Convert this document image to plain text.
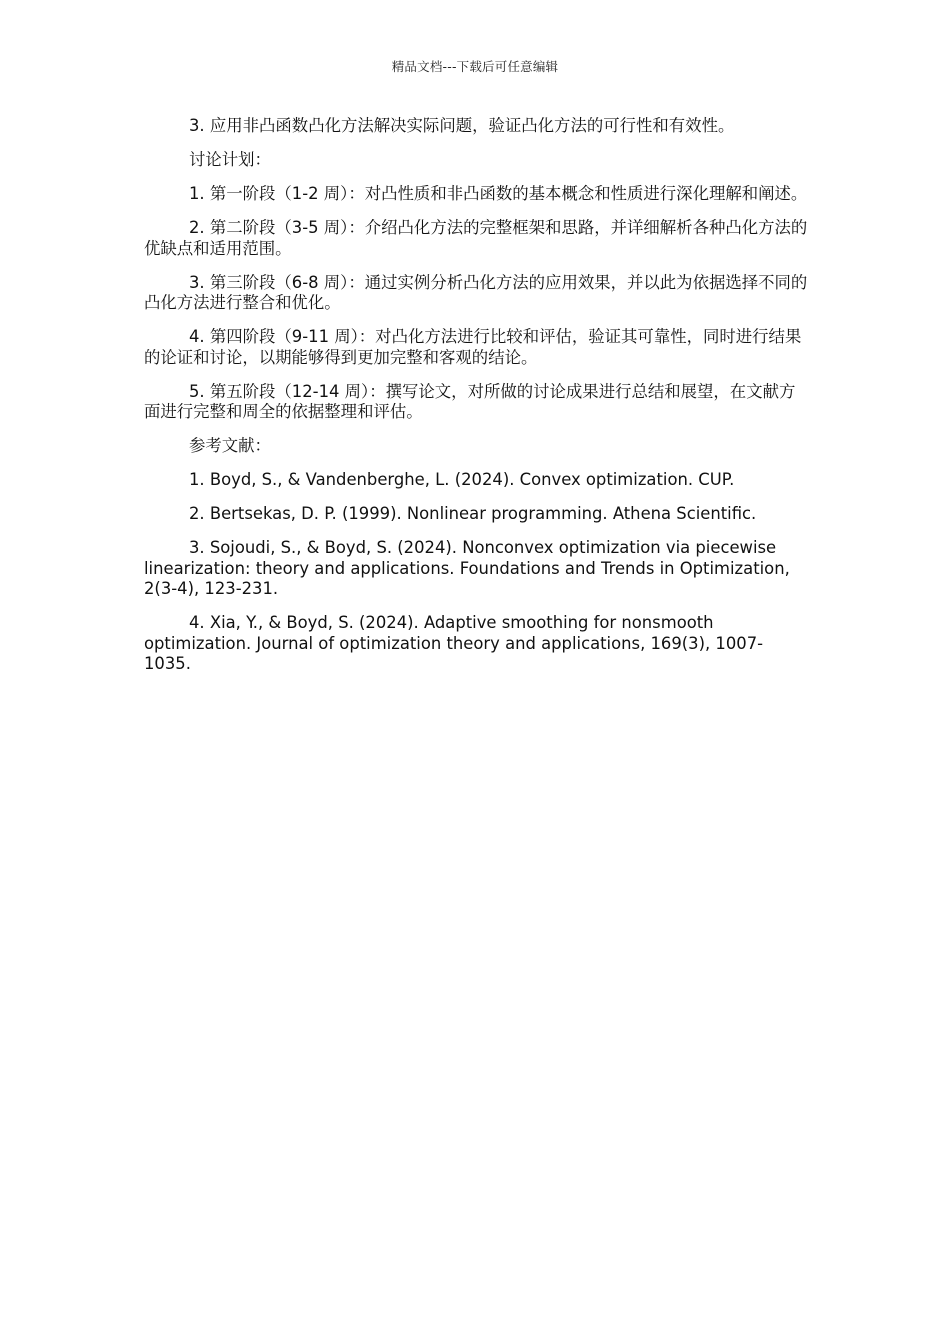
精品文档---下载后可任意编辑

3. 应用非凸函数凸化方法解决实际问题，验证凸化方法的可行性和有效性。

讨论计划：

1. 第一阶段（1-2 周）：对凸性质和非凸函数的基本概念和性质进行深化理解和阐述。

2. 第二阶段（3-5 周）：介绍凸化方法的完整框架和思路，并详细解析各种凸化方法的优缺点和适用范围。

3. 第三阶段（6-8 周）：通过实例分析凸化方法的应用效果，并以此为依据选择不同的凸化方法进行整合和优化。

4. 第四阶段（9-11 周）：对凸化方法进行比较和评估，验证其可靠性，同时进行结果的论证和讨论，以期能够得到更加完整和客观的结论。

5. 第五阶段（12-14 周）：撰写论文，对所做的讨论成果进行总结和展望，在文献方面进行完整和周全的依据整理和评估。

参考文献：

1. Boyd, S., & Vandenberghe, L. (2024). Convex optimization. CUP.

2. Bertsekas, D. P. (1999). Nonlinear programming. Athena Scientific.

3. Sojoudi, S., & Boyd, S. (2024). Nonconvex optimization via piecewise linearization: theory and applications. Foundations and Trends in Optimization, 2(3-4), 123-231.

4. Xia, Y., & Boyd, S. (2024). Adaptive smoothing for nonsmooth optimization. Journal of optimization theory and applications, 169(3), 1007-1035.
